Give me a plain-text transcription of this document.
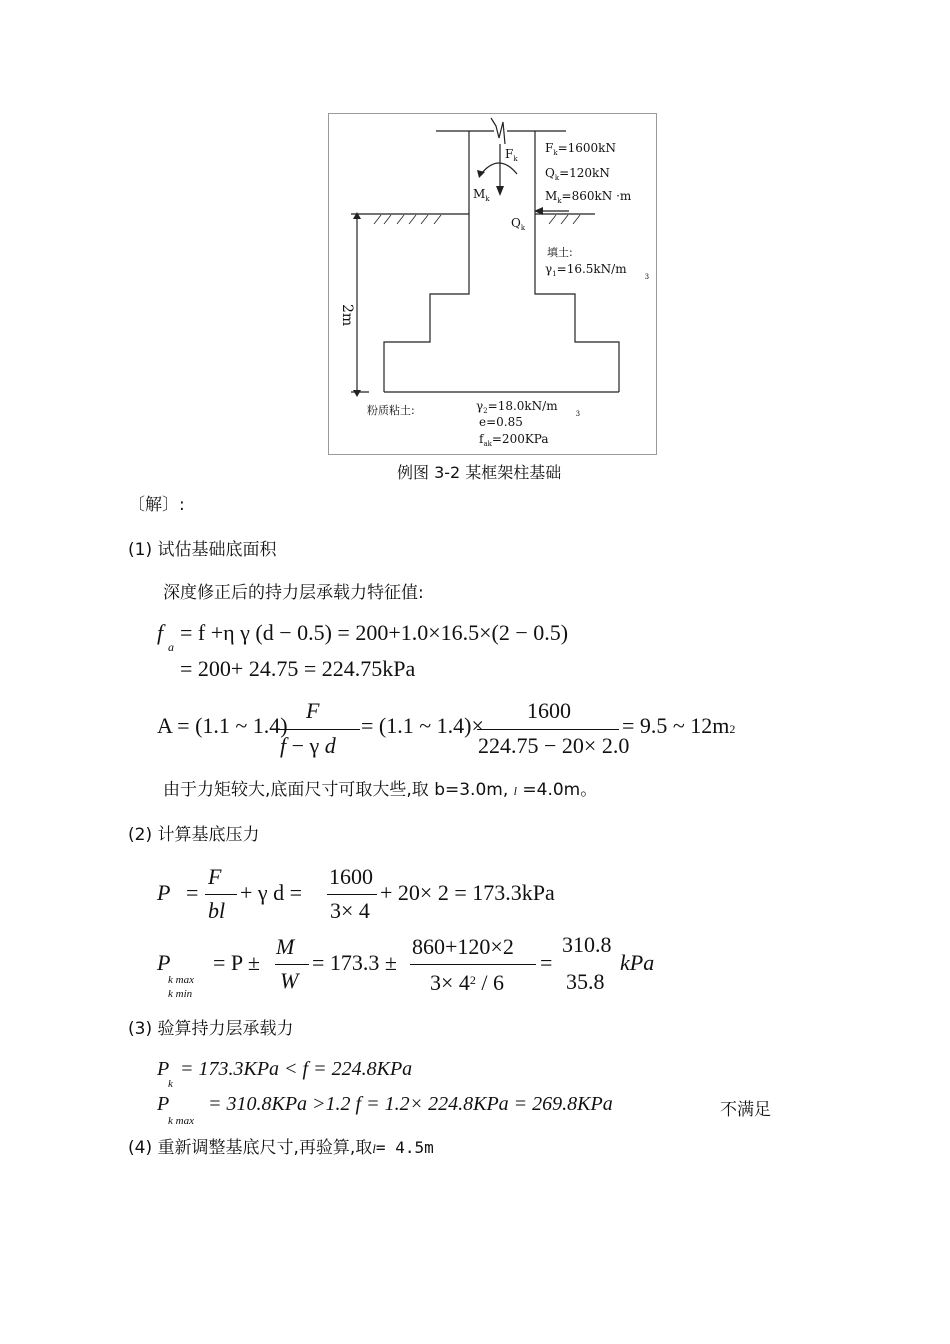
$F_k$
$M_k$
$Q_k$
$F_k=1600kN$
$Q_k=120kN$
$M_k=860kN \cdot m$
填土:
$\gamma_1=16.5kN/m_3$
2m
粉质粘土:	$\gamma_2=18.0kN/m_3$
e=0.85
$f_{ak}=200KPa$
例图 3-2 某框架柱基础
〔解〕:
(1) 试估基础底面积
深度修正后的持力层承载力特征值:
f
a
= f +η γ (d − 0.5) = 200+1.0×16.5×(2 − 0.5)
= 200+ 24.75 = 224.75kPa
A = (1.1 ~ 1.4)
F
f − γ d
= (1.1 ~ 1.4)×
1600
224.75 − 20× 2.0
= 9.5 ~ 12m2
由于力矩较大,底面尺寸可取大些,取 b=3.0m, l =4.0m。
(2) 计算基底压力
P =
F
bl
+ γ d =
1600
3× 4
+ 20× 2 = 173.3kPa
P
k max
k min
= P ±
M
W
= 173.3 ±
860+120×2
$3\times 4^2 / 6$
=
310.8
35.8
kPa
(3) 验算持力层承载力
P
k
= 173.3KPa < f = 224.8KPa
P
k max
= 310.8KPa >1.2 f = 1.2× 224.8KPa = 269.8KPa	不满足
(4) 重新调整基底尺寸,再验算,取l= 4.5m
